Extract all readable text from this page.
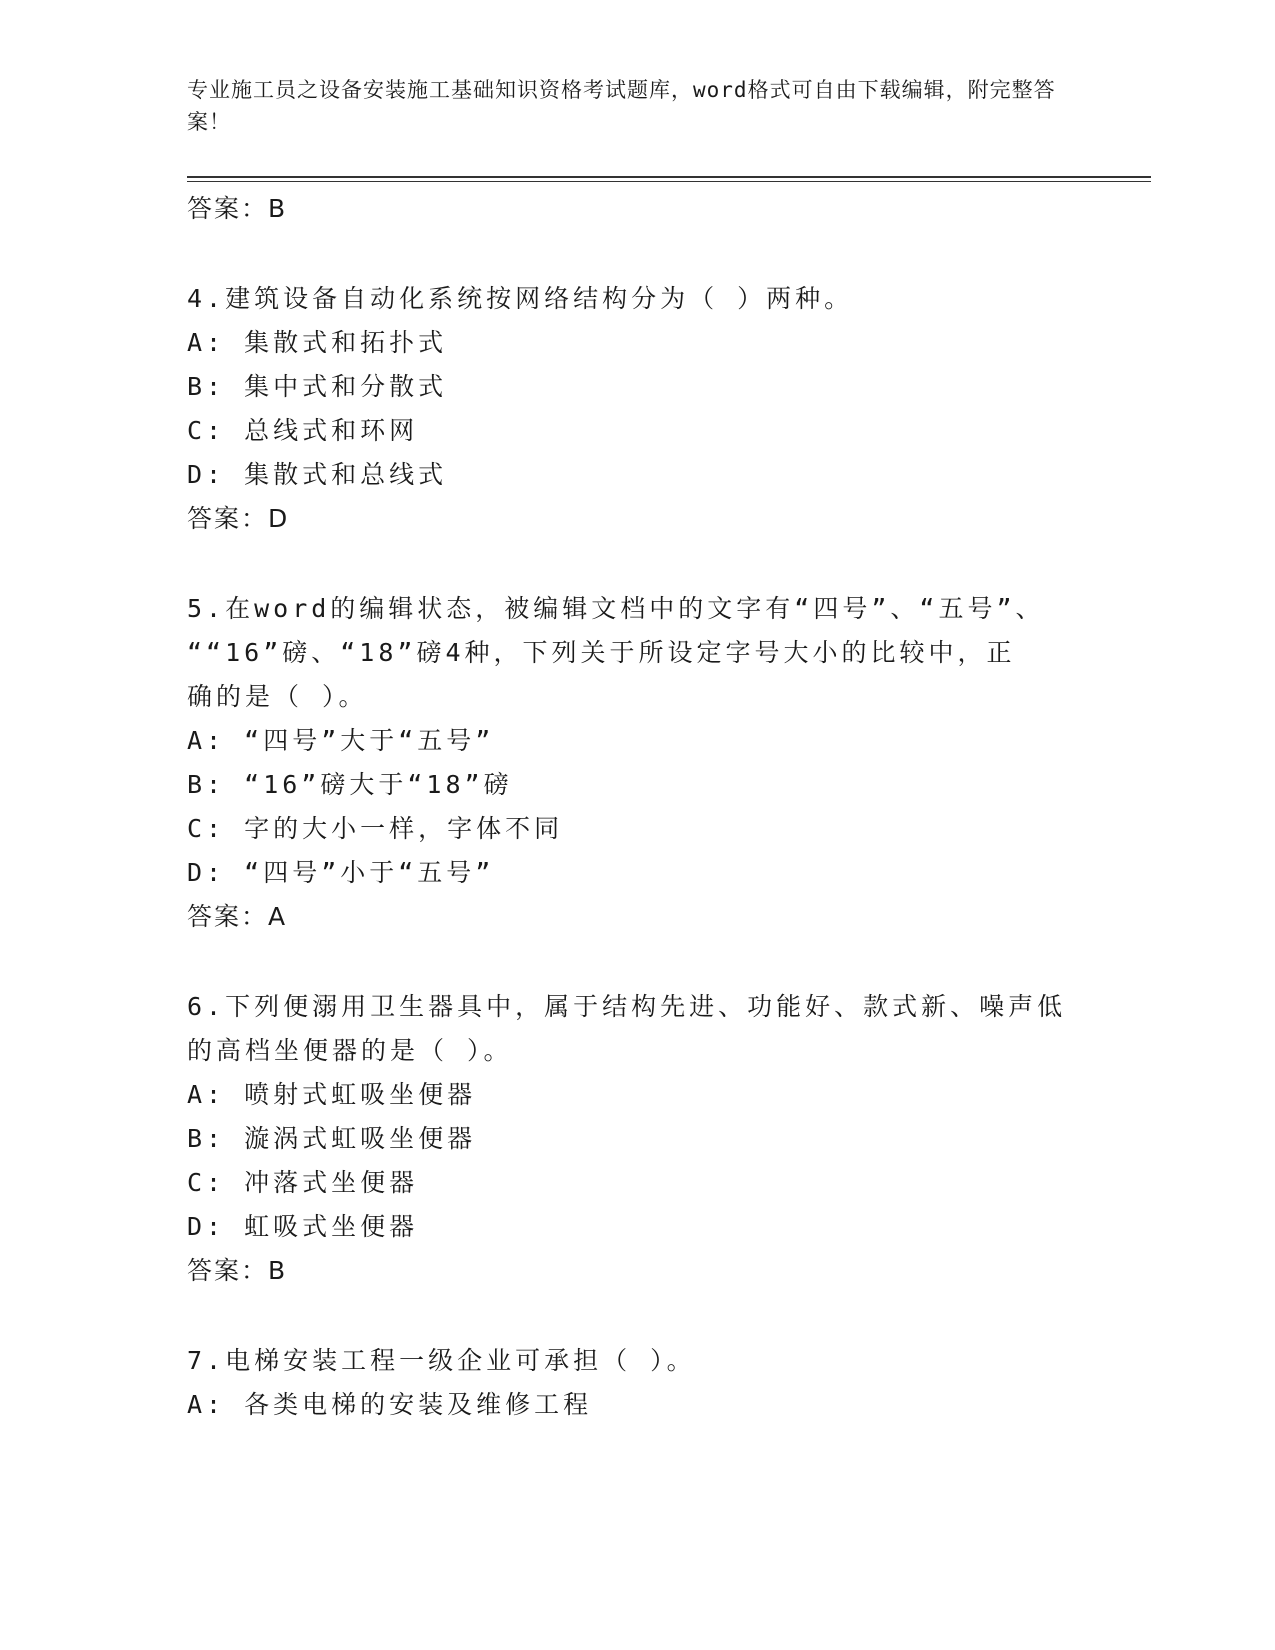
专业施工员之设备安装施工基础知识资格考试题库，word格式可自由下载编辑，附完整答案！
答案：B
4.建筑设备自动化系统按网络结构分为（ ）两种。
A: 集散式和拓扑式
B: 集中式和分散式
C: 总线式和环网
D: 集散式和总线式
答案：D
5.在word的编辑状态，被编辑文档中的文字有“四号”、“五号”、
““16”磅、“18”磅4种，下列关于所设定字号大小的比较中，正
确的是（ ）。
A: “四号”大于“五号”
B: “16”磅大于“18”磅
C: 字的大小一样，字体不同
D: “四号”小于“五号”
答案：A
6.下列便溺用卫生器具中，属于结构先进、功能好、款式新、噪声低
的高档坐便器的是（ ）。
A: 喷射式虹吸坐便器
B: 漩涡式虹吸坐便器
C: 冲落式坐便器
D: 虹吸式坐便器
答案：B
7.电梯安装工程一级企业可承担（ ）。
A: 各类电梯的安装及维修工程
